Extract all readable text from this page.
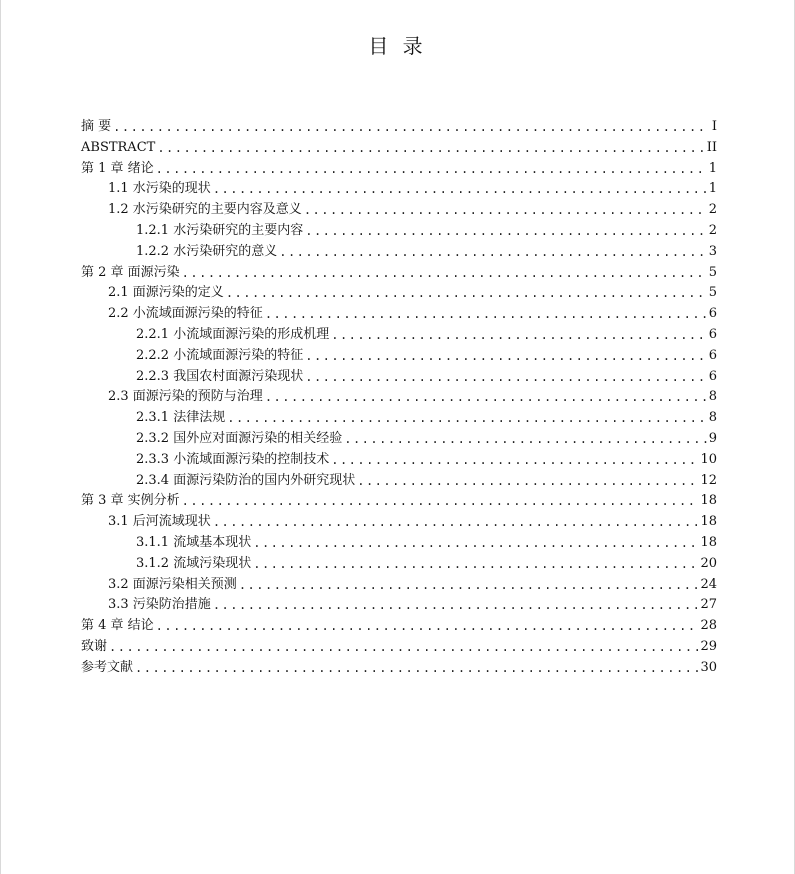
目 录
摘 要 .....	I
ABSTRACT .....	II
第 1 章 绪论 .....	1
1.1 水污染的现状 .....	1
1.2 水污染研究的主要内容及意义 .....	2
1.2.1 水污染研究的主要内容 .....	2
1.2.2 水污染研究的意义 .....	3
第 2 章 面源污染 .....	5
2.1 面源污染的定义 .....	5
2.2 小流域面源污染的特征 .....	6
2.2.1 小流域面源污染的形成机理 .....	6
2.2.2 小流域面源污染的特征 .....	6
2.2.3 我国农村面源污染现状 .....	6
2.3 面源污染的预防与治理 .....	8
2.3.1 法律法规 .....	8
2.3.2 国外应对面源污染的相关经验 .....	9
2.3.3 小流域面源污染的控制技术 .....	10
2.3.4 面源污染防治的国内外研究现状 .....	12
第 3 章 实例分析 .....	18
3.1 后河流域现状 .....	18
3.1.1 流域基本现状 .....	18
3.1.2 流域污染现状 .....	20
3.2 面源污染相关预测 .....	24
3.3 污染防治措施 .....	27
第 4 章 结论 .....	28
致谢 .....	29
参考文献 .....	30
